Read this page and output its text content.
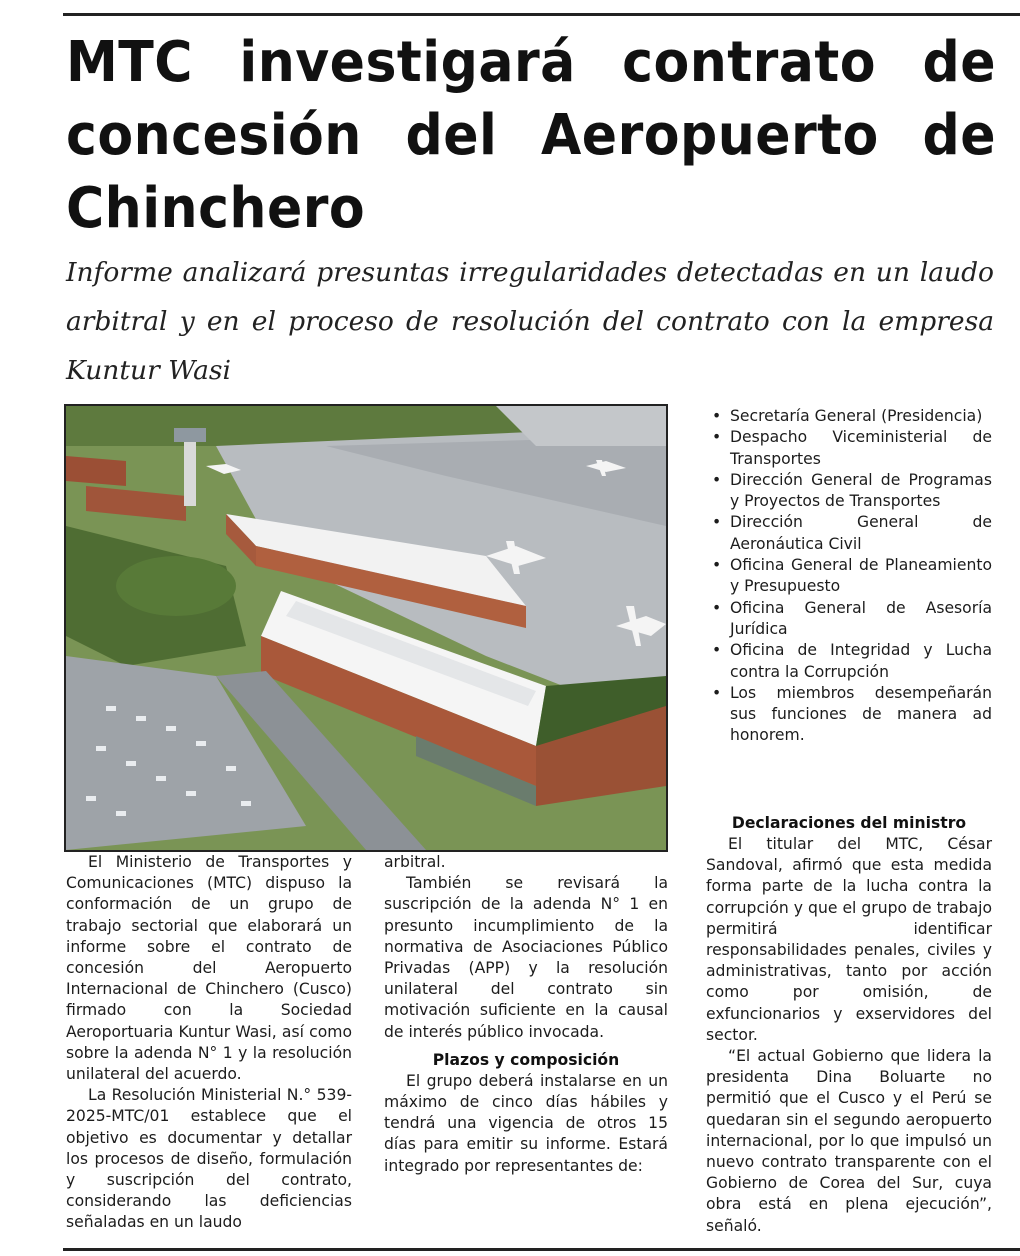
MTC investigará contrato de concesión del Aeropuerto de Chinchero

Informe analizará presuntas irregularidades detectadas en un laudo arbitral y en el proceso de resolución del contrato con la empresa Kuntur Wasi

• Secretaría General (Presidencia)
• Despacho Viceministerial de Transportes
• Dirección General de Programas y Proyectos de Transportes
• Dirección General de Aeronáutica Civil
• Oficina General de Planeamiento y Presupuesto
• Oficina General de Asesoría Jurídica
• Oficina de Integridad y Lucha contra la Corrupción
• Los miembros desempeñarán sus funciones de manera ad honorem.

El Ministerio de Transportes y Comunicaciones (MTC) dispuso la conformación de un grupo de trabajo sectorial que elaborará un informe sobre el contrato de concesión del Aeropuerto Internacional de Chinchero (Cusco) firmado con la Sociedad Aeroportuaria Kuntur Wasi, así como sobre la adenda N° 1 y la resolución unilateral del acuerdo.

La Resolución Ministerial N.° 539-2025-MTC/01 establece que el objetivo es documentar y detallar los procesos de diseño, formulación y suscripción del contrato, considerando las deficiencias señaladas en un laudo

arbitral.

También se revisará la suscripción de la adenda N° 1 en presunto incumplimiento de la normativa de Asociaciones Público Privadas (APP) y la resolución unilateral del contrato sin motivación suficiente en la causal de interés público invocada.

Plazos y composición

El grupo deberá instalarse en un máximo de cinco días hábiles y tendrá una vigencia de otros 15 días para emitir su informe. Estará integrado por representantes de:

Declaraciones del ministro

El titular del MTC, César Sandoval, afirmó que esta medida forma parte de la lucha contra la corrupción y que el grupo de trabajo permitirá identificar responsabilidades penales, civiles y administrativas, tanto por acción como por omisión, de exfuncionarios y exservidores del sector.

“El actual Gobierno que lidera la presidenta Dina Boluarte no permitió que el Cusco y el Perú se quedaran sin el segundo aeropuerto internacional, por lo que impulsó un nuevo contrato transparente con el Gobierno de Corea del Sur, cuya obra está en plena ejecución”, señaló.
